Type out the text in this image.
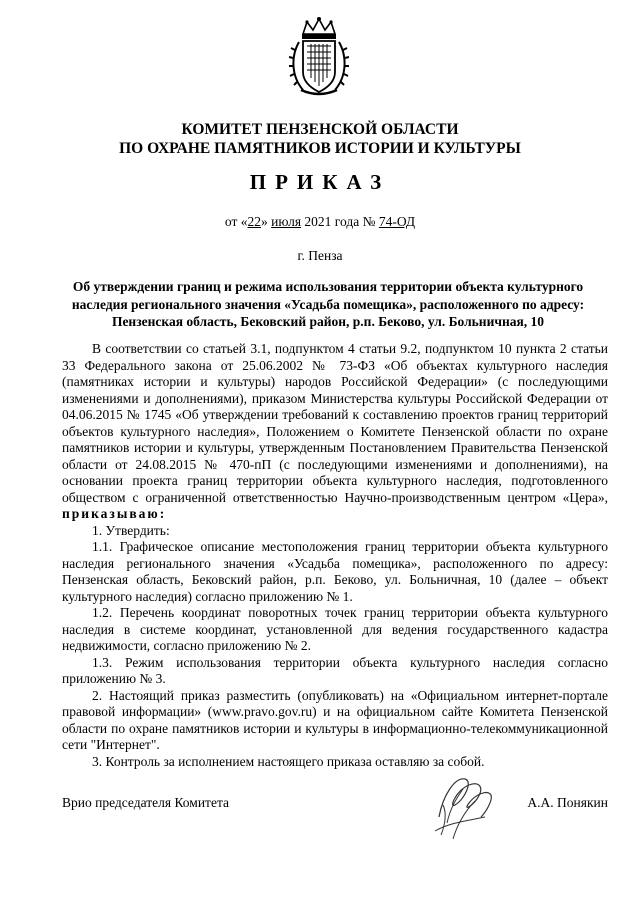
КОМИТЕТ ПЕНЗЕНСКОЙ ОБЛАСТИ
ПО ОХРАНЕ ПАМЯТНИКОВ ИСТОРИИ И КУЛЬТУРЫ
ПРИКАЗ
от «22» июля 2021 года № 74-ОД
г. Пенза
Об утверждении границ и режима использования территории объекта культурного наследия регионального значения «Усадьба помещика», расположенного по адресу: Пензенская область, Бековский район, р.п. Беково, ул. Больничная, 10

В соответствии со статьей 3.1, подпунктом 4 статьи 9.2, подпунктом 10 пункта 2 статьи 33 Федерального закона от 25.06.2002 № 73-ФЗ «Об объектах культурного наследия (памятниках истории и культуры) народов Российской Федерации» (с последующими изменениями и дополнениями), приказом Министерства культуры Российской Федерации от 04.06.2015 № 1745 «Об утверждении требований к составлению проектов границ территорий объектов культурного наследия», Положением о Комитете Пензенской области по охране памятников истории и культуры, утвержденным Постановлением Правительства Пензенской области от 24.08.2015 № 470-пП (с последующими изменениями и дополнениями), на основании проекта границ территории объекта культурного наследия, подготовленного обществом с ограниченной ответственностью Научно-производственным центром «Цера», приказываю:

1. Утвердить:

1.1. Графическое описание местоположения границ территории объекта культурного наследия регионального значения «Усадьба помещика», расположенного по адресу: Пензенская область, Бековский район, р.п. Беково, ул. Больничная, 10 (далее – объект культурного наследия) согласно приложению № 1.

1.2. Перечень координат поворотных точек границ территории объекта культурного наследия в системе координат, установленной для ведения государственного кадастра недвижимости, согласно приложению № 2.

1.3. Режим использования территории объекта культурного наследия согласно приложению № 3.

2. Настоящий приказ разместить (опубликовать) на «Официальном интернет-портале правовой информации» (www.pravo.gov.ru) и на официальном сайте Комитета Пензенской области по охране памятников истории и культуры в информационно-телекоммуникационной сети "Интернет".

3. Контроль за исполнением настоящего приказа оставляю за собой.

Врио председателя Комитета	А.А. Понякин
